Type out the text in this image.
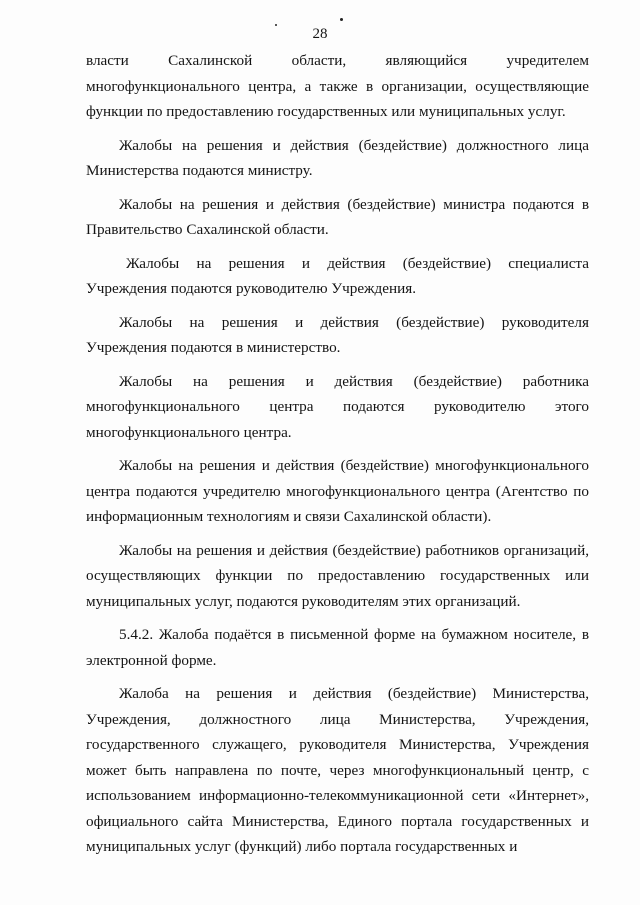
28

власти Сахалинской области, являющийся учредителем многофункционального центра, а также в организации, осуществляющие функции по предоставлению государственных или муниципальных услуг.

Жалобы на решения и действия (бездействие) должностного лица Министерства подаются министру.

Жалобы на решения и действия (бездействие) министра подаются в Правительство Сахалинской области.

Жалобы на решения и действия (бездействие) специалиста Учреждения подаются руководителю Учреждения.

Жалобы на решения и действия (бездействие) руководителя Учреждения подаются в министерство.

Жалобы на решения и действия (бездействие) работника многофункционального центра подаются руководителю этого многофункционального центра.

Жалобы на решения и действия (бездействие) многофункционального центра подаются учредителю многофункционального центра (Агентство по информационным технологиям и связи Сахалинской области).

Жалобы на решения и действия (бездействие) работников организаций, осуществляющих функции по предоставлению государственных или муниципальных услуг, подаются руководителям этих организаций.

5.4.2. Жалоба подаётся в письменной форме на бумажном носителе, в электронной форме.

Жалоба на решения и действия (бездействие) Министерства, Учреждения, должностного лица Министерства, Учреждения, государственного служащего, руководителя Министерства, Учреждения может быть направлена по почте, через многофункциональный центр, с использованием информационно-телекоммуникационной сети «Интернет», официального сайта Министерства, Единого портала государственных и муниципальных услуг (функций) либо портала государственных и
